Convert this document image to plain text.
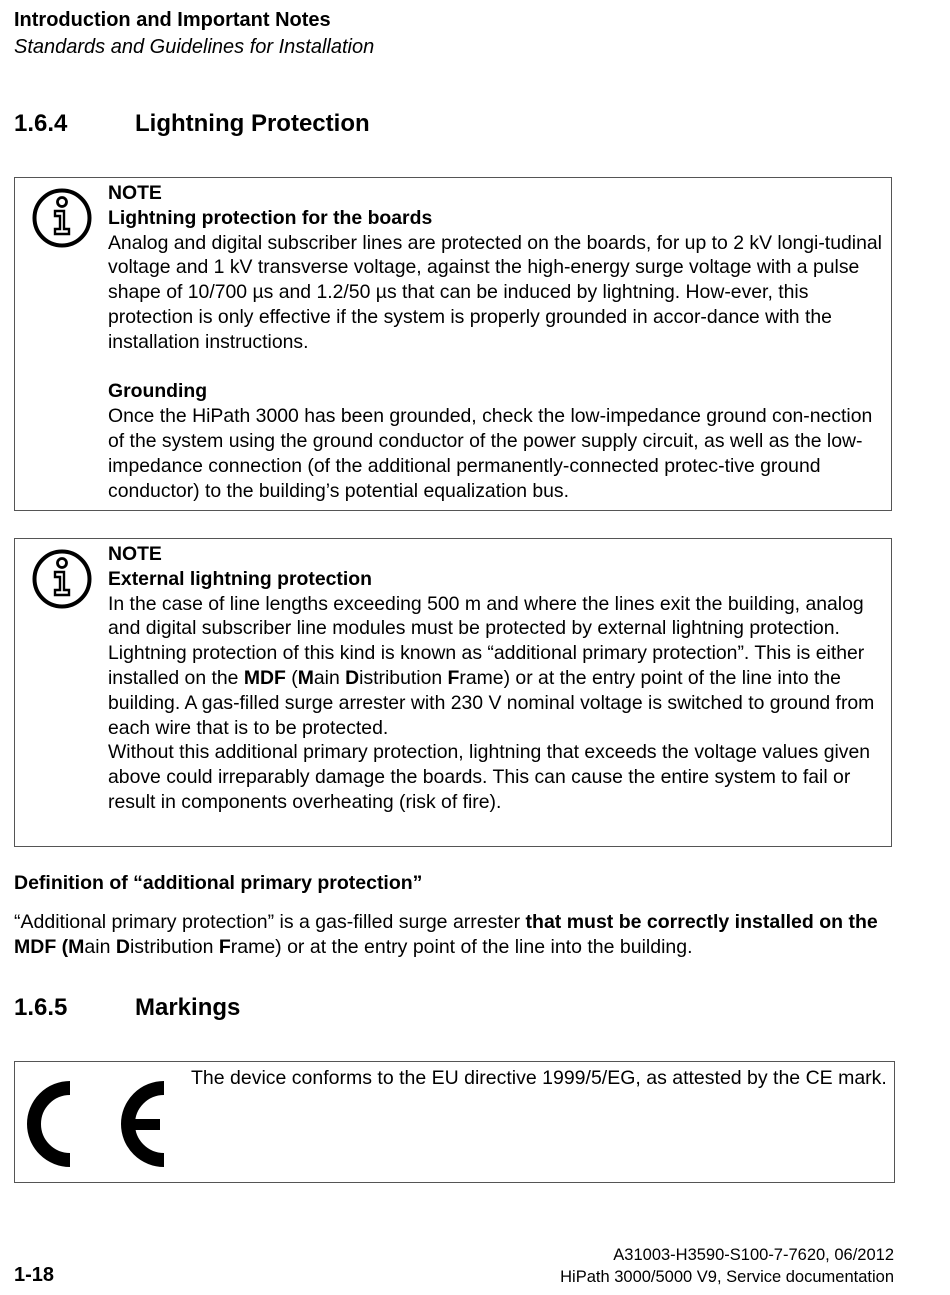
Introduction and Important Notes
Standards and Guidelines for Installation
1.6.4	Lightning Protection

NOTE

Lightning protection for the boards

Analog and digital subscriber lines are protected on the boards, for up to 2 kV longi-tudinal voltage and 1 kV transverse voltage, against the high-energy surge voltage with a pulse shape of 10/700 µs and 1.2/50 µs that can be induced by lightning. How-ever, this protection is only effective if the system is properly grounded in accor-dance with the installation instructions.

Grounding

Once the HiPath 3000 has been grounded, check the low-impedance ground con-nection of the system using the ground conductor of the power supply circuit, as well as the low-impedance connection (of the additional permanently-connected protec-tive ground conductor) to the building’s potential equalization bus.

NOTE

External lightning protection

In the case of line lengths exceeding 500 m and where the lines exit the building, analog and digital subscriber line modules must be protected by external lightning protection.

Lightning protection of this kind is known as “additional primary protection”. This is either installed on the MDF (Main Distribution Frame) or at the entry point of the line into the building. A gas-filled surge arrester with 230 V nominal voltage is switched to ground from each wire that is to be protected.

Without this additional primary protection, lightning that exceeds the voltage values given above could irreparably damage the boards. This can cause the entire system to fail or result in components overheating (risk of fire).

Definition of “additional primary protection”

“Additional primary protection” is a gas-filled surge arrester that must be correctly installed on the MDF (Main Distribution Frame) or at the entry point of the line into the building.

1.6.5	Markings

The device conforms to the EU directive 1999/5/EG, as attested by the CE mark.

1-18
A31003-H3590-S100-7-7620, 06/2012
HiPath 3000/5000 V9, Service documentation
